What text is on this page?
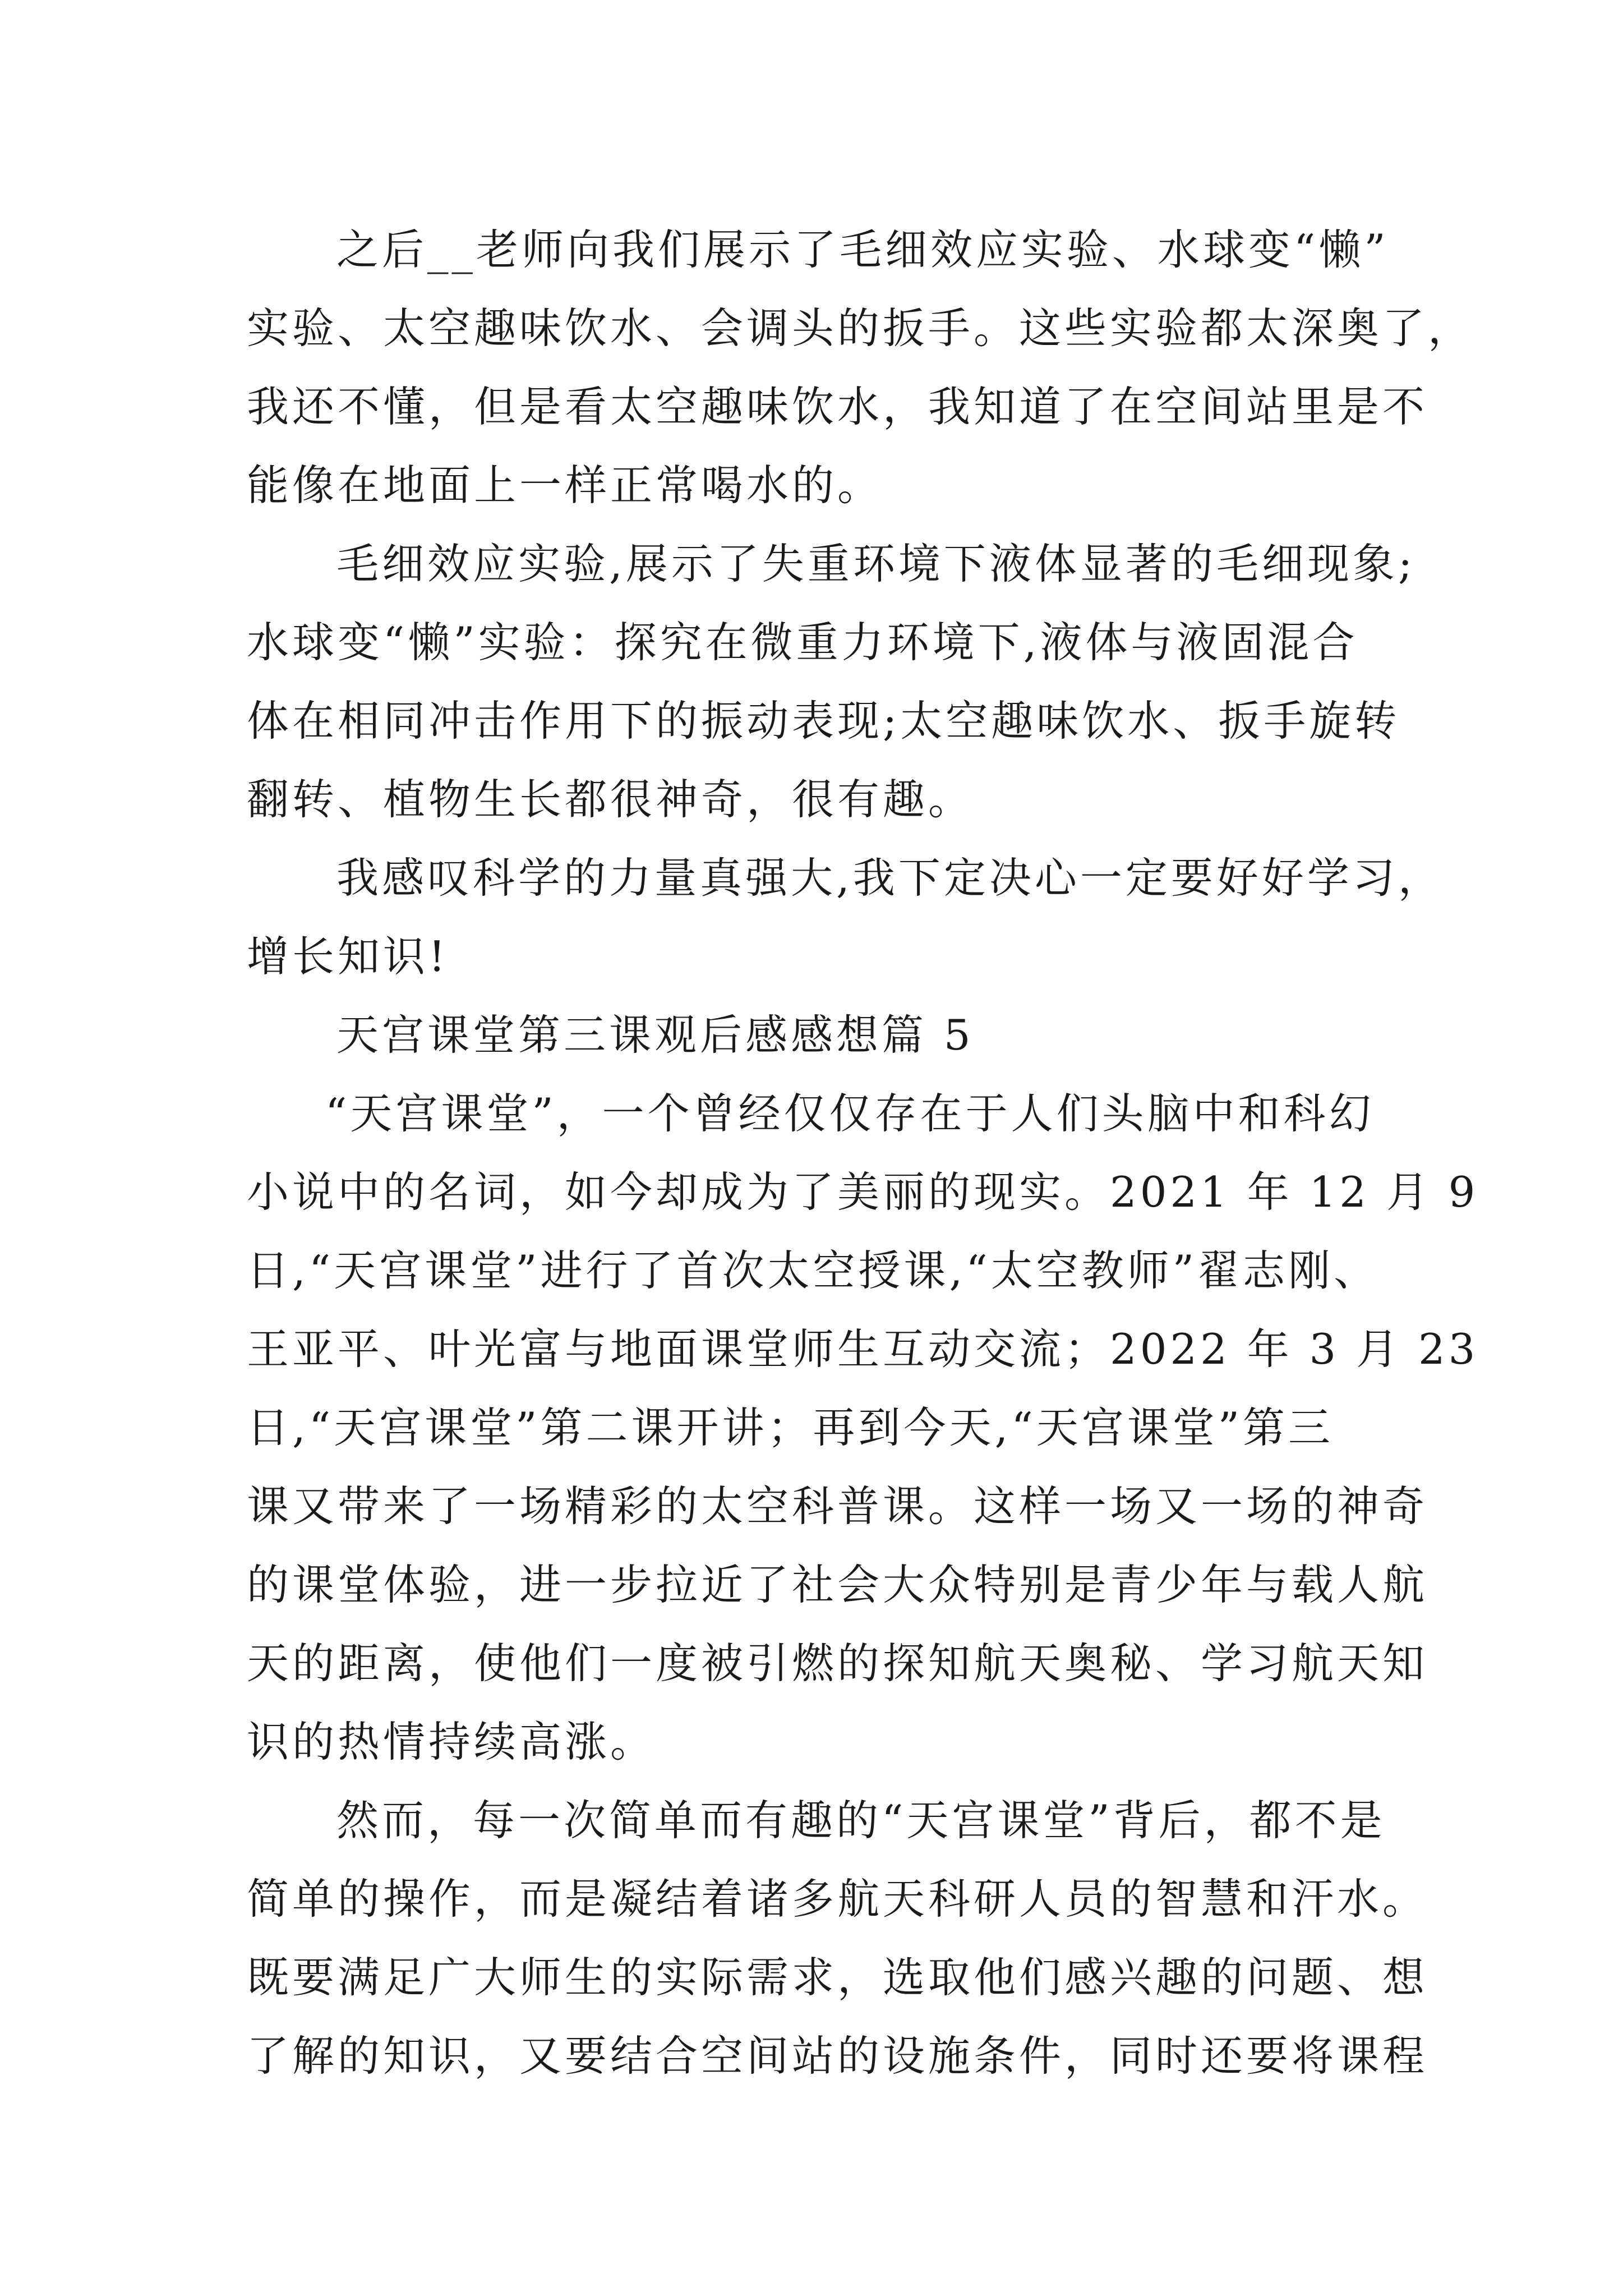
之后__老师向我们展示了毛细效应实验、水球变“懒”
实验、太空趣味饮水、会调头的扳手。这些实验都太深奥了，
我还不懂，但是看太空趣味饮水，我知道了在空间站里是不
能像在地面上一样正常喝水的。
毛细效应实验,展示了失重环境下液体显著的毛细现象;
水球变“懒”实验：探究在微重力环境下,液体与液固混合
体在相同冲击作用下的振动表现;太空趣味饮水、扳手旋转
翻转、植物生长都很神奇，很有趣。
我感叹科学的力量真强大,我下定决心一定要好好学习，
增长知识!
天宫课堂第三课观后感感想篇 5
“天宫课堂”，一个曾经仅仅存在于人们头脑中和科幻
小说中的名词，如今却成为了美丽的现实。2021 年 12 月 9
日,“天宫课堂”进行了首次太空授课,“太空教师”翟志刚、
王亚平、叶光富与地面课堂师生互动交流；2022 年 3 月 23
日,“天宫课堂”第二课开讲；再到今天,“天宫课堂”第三
课又带来了一场精彩的太空科普课。这样一场又一场的神奇
的课堂体验，进一步拉近了社会大众特别是青少年与载人航
天的距离，使他们一度被引燃的探知航天奥秘、学习航天知
识的热情持续高涨。
然而，每一次简单而有趣的“天宫课堂”背后，都不是
简单的操作，而是凝结着诸多航天科研人员的智慧和汗水。
既要满足广大师生的实际需求，选取他们感兴趣的问题、想
了解的知识，又要结合空间站的设施条件，同时还要将课程
